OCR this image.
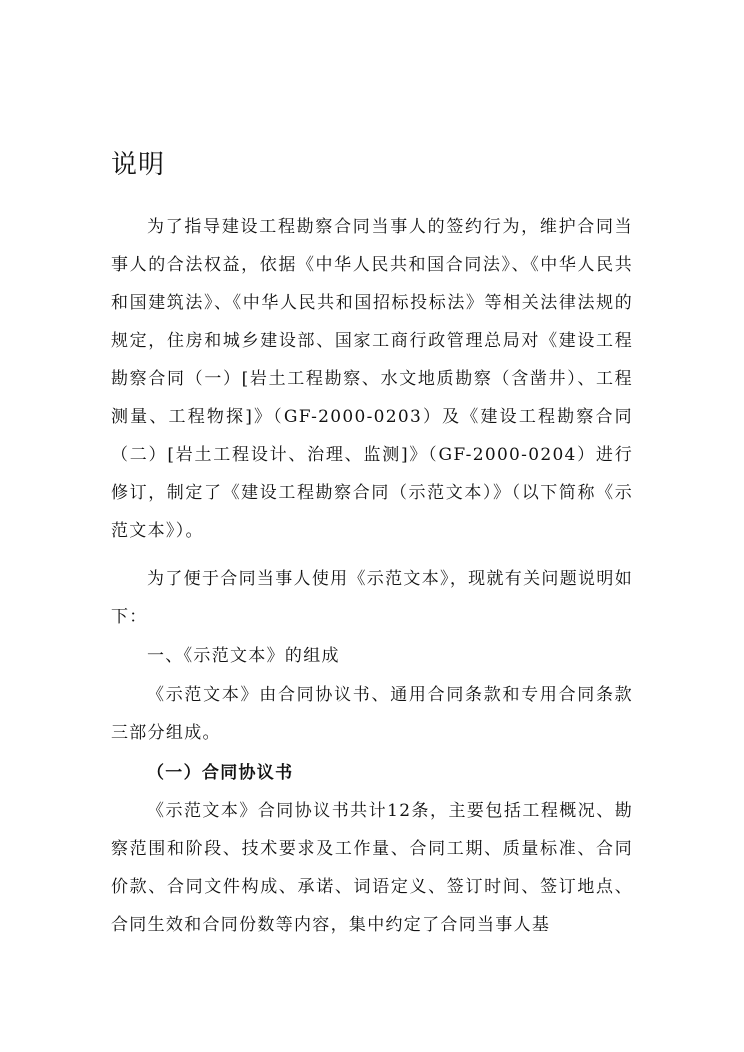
说明

为了指导建设工程勘察合同当事人的签约行为，维护合同当事人的合法权益，依据《中华人民共和国合同法》、《中华人民共和国建筑法》、《中华人民共和国招标投标法》等相关法律法规的规定，住房和城乡建设部、国家工商行政管理总局对《建设工程勘察合同（一）[岩土工程勘察、水文地质勘察（含凿井）、工程测量、工程物探]》（GF-2000-0203）及《建设工程勘察合同（二）[岩土工程设计、治理、监测]》（GF-2000-0204）进行修订，制定了《建设工程勘察合同（示范文本）》（以下简称《示范文本》）。

为了便于合同当事人使用《示范文本》，现就有关问题说明如下：

一、《示范文本》的组成

《示范文本》由合同协议书、通用合同条款和专用合同条款三部分组成。

（一）合同协议书

《示范文本》合同协议书共计12条，主要包括工程概况、勘察范围和阶段、技术要求及工作量、合同工期、质量标准、合同价款、合同文件构成、承诺、词语定义、签订时间、签订地点、合同生效和合同份数等内容，集中约定了合同当事人基
